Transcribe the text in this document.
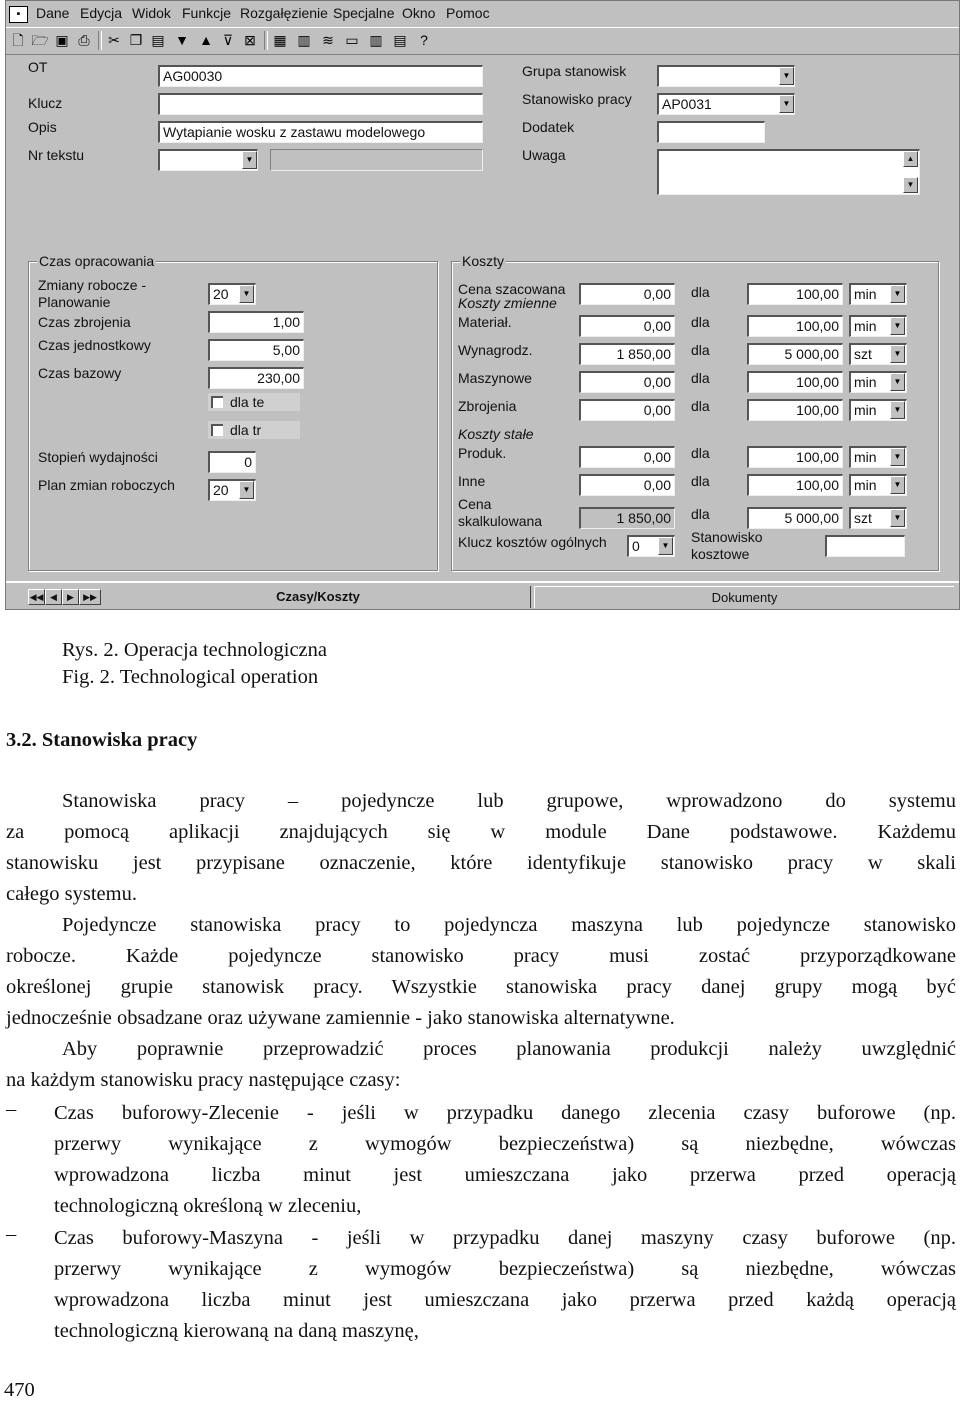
▪	Dane Edycja Widok Funkcje Rozgałęzienie Specjalne Okno Pomoc
🗋 🗁 ▣ ⎙	✂ ❐ ▤ ▼ ▲ ⊽ ⊠ ▦ ▥ ≋ ▭ ▥ ▤ ?
OT
AG00030
Klucz
Opis	Wytapianie wosku z zastawu modelowego
Nr tekstu	▼
Grupa stanowisk	▼
Stanowisko pracy	AP0031	▼
Dodatek
Uwaga	▲
▼
Czas opracowania
Zmiany robocze -
Planowanie	20	▼
Czas zbrojenia	1,00
Czas jednostkowy	5,00
Czas bazowy	230,00
dla te
dla tr
Stopień wydajności	0
Plan zmian roboczych	20	▼
Koszty
Cena szacowana
Koszty zmienne
0,00 dla	100,00	min	▼
Materiał.	0,00 dla	100,00	min	▼
Wynagrodz.	1 850,00 dla	5 000,00	szt	▼
Maszynowe	0,00 dla	100,00	min	▼
Zbrojenia	0,00 dla	100,00	min	▼
Koszty stałe
Produk.	0,00 dla	100,00	min	▼
Inne	0,00 dla	100,00	min	▼
Cena
skalkulowana	1 850,00 dla	5 000,00	szt	▼
Klucz kosztów ogólnych	0	▼
Stanowisko
kosztowe
◀◀ ◀	▶	▶▶	Czasy/Koszty	Dokumenty
Rys. 2. Operacja technologiczna
Fig. 2. Technological operation
3.2. Stanowiska pracy
Stanowiska pracy – pojedyncze lub grupowe, wprowadzono do systemu
za pomocą aplikacji znajdujących się w module Dane podstawowe. Każdemu
stanowisku jest przypisane oznaczenie, które identyfikuje stanowisko pracy w skali
całego systemu.
Pojedyncze stanowiska pracy to pojedyncza maszyna lub pojedyncze stanowisko
robocze. Każde pojedyncze stanowisko pracy musi zostać przyporządkowane
określonej grupie stanowisk pracy. Wszystkie stanowiska pracy danej grupy mogą być
jednocześnie obsadzane oraz używane zamiennie - jako stanowiska alternatywne.
Aby poprawnie przeprowadzić proces planowania produkcji należy uwzględnić
na każdym stanowisku pracy następujące czasy:
– Czas buforowy-Zlecenie - jeśli w przypadku danego zlecenia czasy buforowe (np.
przerwy wynikające z wymogów bezpieczeństwa) są niezbędne, wówczas
wprowadzona liczba minut jest umieszczana jako przerwa przed operacją
technologiczną określoną w zleceniu,
– Czas buforowy-Maszyna - jeśli w przypadku danej maszyny czasy buforowe (np.
przerwy wynikające z wymogów bezpieczeństwa) są niezbędne, wówczas
wprowadzona liczba minut jest umieszczana jako przerwa przed każdą operacją
technologiczną kierowaną na daną maszynę,
470
